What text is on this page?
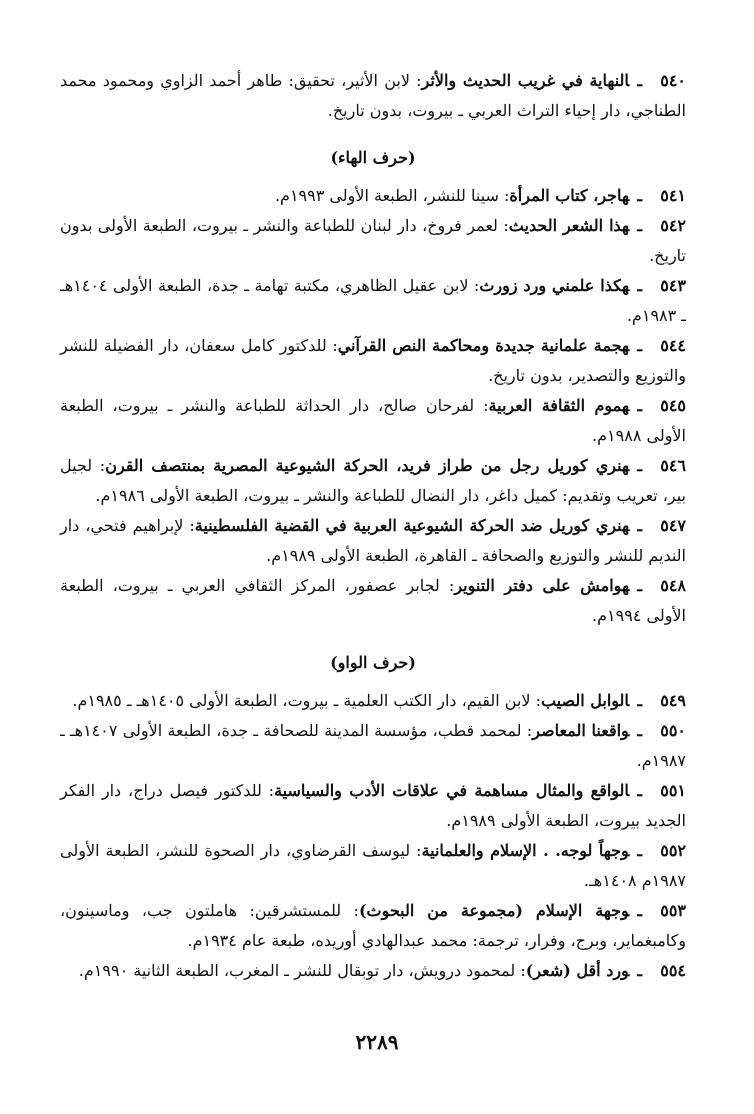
٥٤٠ـالنهاية في غريب الحديث والأثر: لابن الأثير، تحقيق: طاهر أحمد الزاوي ومحمود محمد الطناجي، دار إحياء التراث العربي ـ بيروت، بدون تاريخ.
(حرف الهاء)
٥٤١ـهاجر، كتاب المرأة: سينا للنشر، الطبعة الأولى ١٩٩٣م.
٥٤٢ـهذا الشعر الحديث: لعمر فروخ، دار لبنان للطباعة والنشر ـ بيروت، الطبعة الأولى بدون تاريخ.
٥٤٣ـهكذا علمني ورد زورث: لابن عقيل الظاهري، مكتبة تهامة ـ جدة، الطبعة الأولى ١٤٠٤هـ ـ ١٩٨٣م.
٥٤٤ـهجمة علمانية جديدة ومحاكمة النص القرآني: للدكتور كامل سعفان، دار الفضيلة للنشر والتوزيع والتصدير، بدون تاريخ.
٥٤٥ـهموم الثقافة العربية: لفرحان صالح، دار الحداثة للطباعة والنشر ـ بيروت، الطبعة الأولى ١٩٨٨م.
٥٤٦ـهنري كوريل رجل من طراز فريد، الحركة الشيوعية المصرية بمنتصف القرن: لجيل بير، تعريب وتقديم: كميل داغر، دار النضال للطباعة والنشر ـ بيروت، الطبعة الأولى ١٩٨٦م.
٥٤٧ـهنري كوريل ضد الحركة الشيوعية العربية في القضية الفلسطينية: لإبراهيم فتحي، دار النديم للنشر والتوزيع والصحافة ـ القاهرة، الطبعة الأولى ١٩٨٩م.
٥٤٨ـهوامش على دفتر التنوير: لجابر عصفور، المركز الثقافي العربي ـ بيروت، الطبعة الأولى ١٩٩٤م.
(حرف الواو)
٥٤٩ـالوابل الصيب: لابن القيم، دار الكتب العلمية ـ بيروت، الطبعة الأولى ١٤٠٥هـ ـ ١٩٨٥م.
٥٥٠ـواقعنا المعاصر: لمحمد قطب، مؤسسة المدينة للصحافة ـ جدة، الطبعة الأولى ١٤٠٧هـ ـ ١٩٨٧م.
٥٥١ـالواقع والمثال مساهمة في علاقات الأدب والسياسية: للدكتور فيصل دراج، دار الفكر الجديد بيروت، الطبعة الأولى ١٩٨٩م.
٥٥٢ـوجهاً لوجه. . الإسلام والعلمانية: ليوسف القرضاوي، دار الصحوة للنشر، الطبعة الأولى ١٩٨٧م ١٤٠٨هـ.
٥٥٣ـوجهة الإسلام (مجموعة من البحوث): للمستشرقين: هاملتون جب، وماسينون، وكامبغماير، وبرج، وفرار، ترجمة: محمد عبدالهادي أوريده، طبعة عام ١٩٣٤م.
٥٥٤ـورد أقل (شعر): لمحمود درويش، دار توبقال للنشر ـ المغرب، الطبعة الثانية ١٩٩٠م.
٢٢٨٩
